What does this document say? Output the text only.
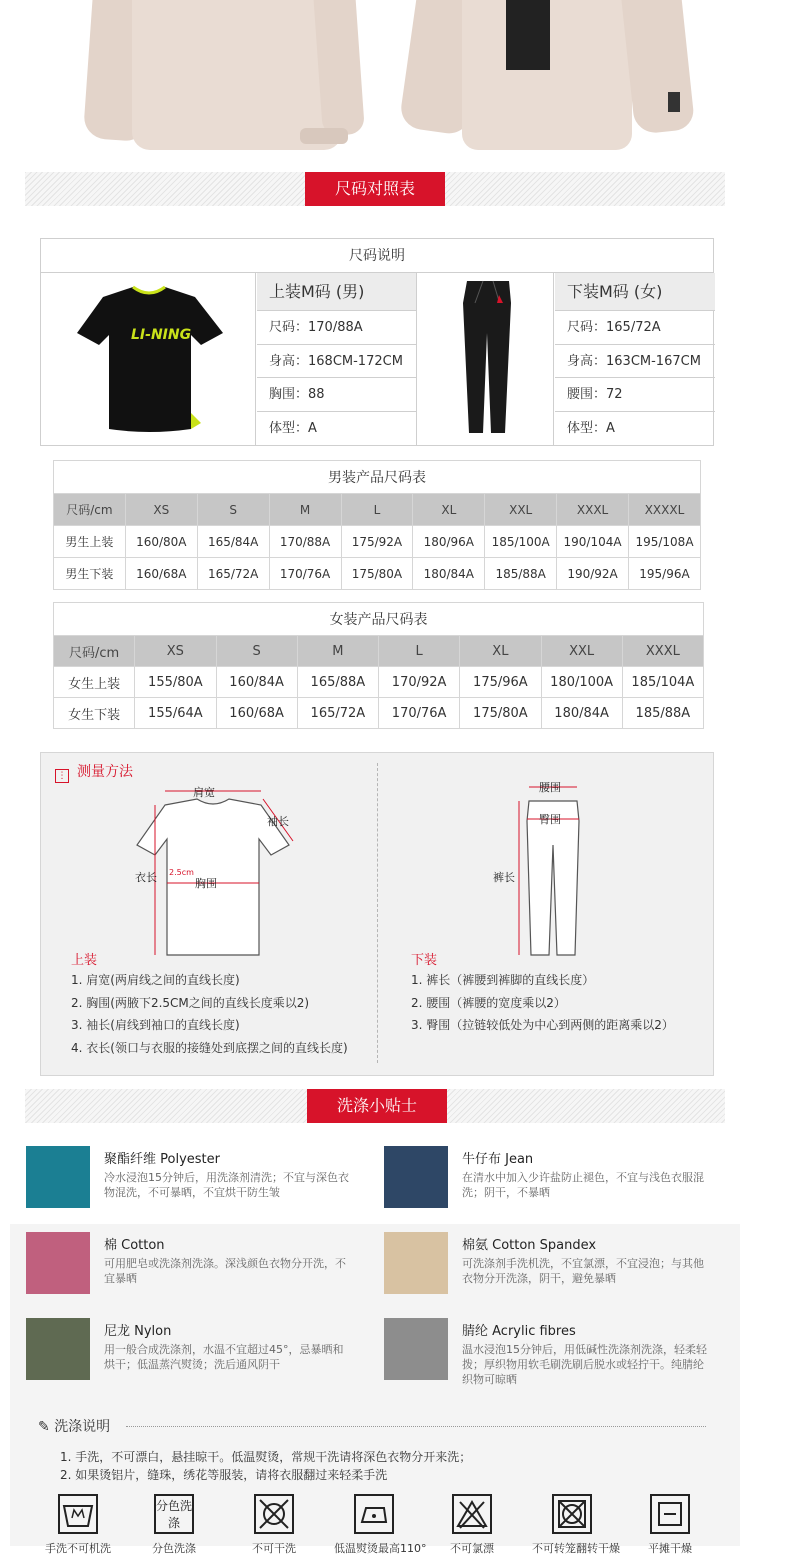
尺码对照表
尺码说明
LI-NING
上装M码 (男)
尺码：170/88A
身高：168CM-172CM
胸围：88
体型：A
下装M码 (女)
尺码：165/72A
身高：163CM-167CM
腰围：72
体型：A
男装产品尺码表								
尺码/cm	XS	S	M	L	XL	XXL	XXXL	XXXXL
男生上装	160/80A	165/84A	170/88A	175/92A	180/96A	185/100A	190/104A	195/108A
男生下装	160/68A	165/72A	170/76A	175/80A	180/84A	185/88A	190/92A	195/96A
女装产品尺码表							
尺码/cm	XS	S	M	L	XL	XXL	XXXL
女生上装	155/80A	160/84A	165/88A	170/92A	175/96A	180/100A	185/104A
女生下装	155/64A	160/68A	165/72A	170/76A	175/80A	180/84A	185/88A
⋮ 测量方法
肩宽
袖长
衣长	胸围
2.5cm
上装
1. 肩宽(两肩线之间的直线长度)
2. 胸围(两腋下2.5CM之间的直线长度乘以2)
3. 袖长(肩线到袖口的直线长度)
4. 衣长(领口与衣服的接缝处到底摆之间的直线长度)
腰围
臀围
裤长
下装
1. 裤长（裤腰到裤脚的直线长度）
2. 腰围（裤腰的宽度乘以2）
3. 臀围（拉链较低处为中心到两侧的距离乘以2）
洗涤小贴士
聚酯纤维 Polyester
冷水浸泡15分钟后，用洗涤剂清洗；不宜与深色衣物混洗，不可暴晒，不宜烘干防生皱
牛仔布 Jean
在清水中加入少许盐防止褪色，不宜与浅色衣服混洗；阴干，不暴晒
棉 Cotton
可用肥皂或洗涤剂洗涤。深浅颜色衣物分开洗，不宜暴晒
棉氨 Cotton Spandex
可洗涤剂手洗机洗，不宜氯漂，不宜浸泡；与其他衣物分开洗涤，阴干，避免暴晒
尼龙 Nylon
用一般合成洗涤剂，水温不宜超过45°，忌暴晒和烘干；低温蒸汽熨烫；洗后通风阴干
腈纶 Acrylic fibres
温水浸泡15分钟后，用低碱性洗涤剂洗涤，轻柔轻拨；厚织物用软毛刷洗刷后脱水或轻拧干。纯腈纶织物可晾晒
✎ 洗涤说明
1. 手洗，不可漂白，悬挂晾干。低温熨烫，常规干洗请将深色衣物分开来洗；
2. 如果烫铝片，缝珠，绣花等服装，请将衣服翻过来轻柔手洗
手洗不可机洗
分色洗涤
分色洗涤	不可干洗	低温熨烫最高110°	不可氯漂	不可转笼翻转干燥	平摊干燥
